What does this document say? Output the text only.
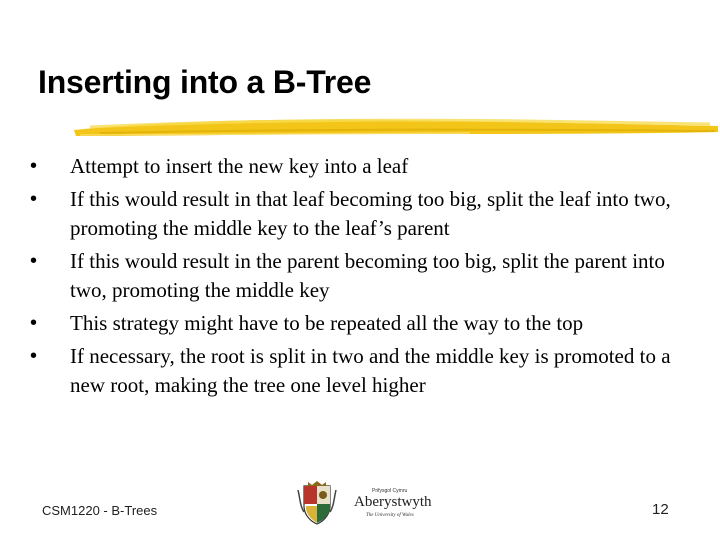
Inserting into a B-Tree
• Attempt to insert the new key into a leaf
• If this would result in that leaf becoming too big, split the leaf into two, promoting the middle key to the leaf’s parent
• If this would result in the parent becoming too big, split the parent into two, promoting the middle key
• This strategy might have to be repeated all the way to the top
• If necessary, the root is split in two and the middle key is promoted to a new root, making the tree one level higher
CSM1220 - B-Trees
Prifysgol Cymru
Aberystwyth
The University of Wales	12
